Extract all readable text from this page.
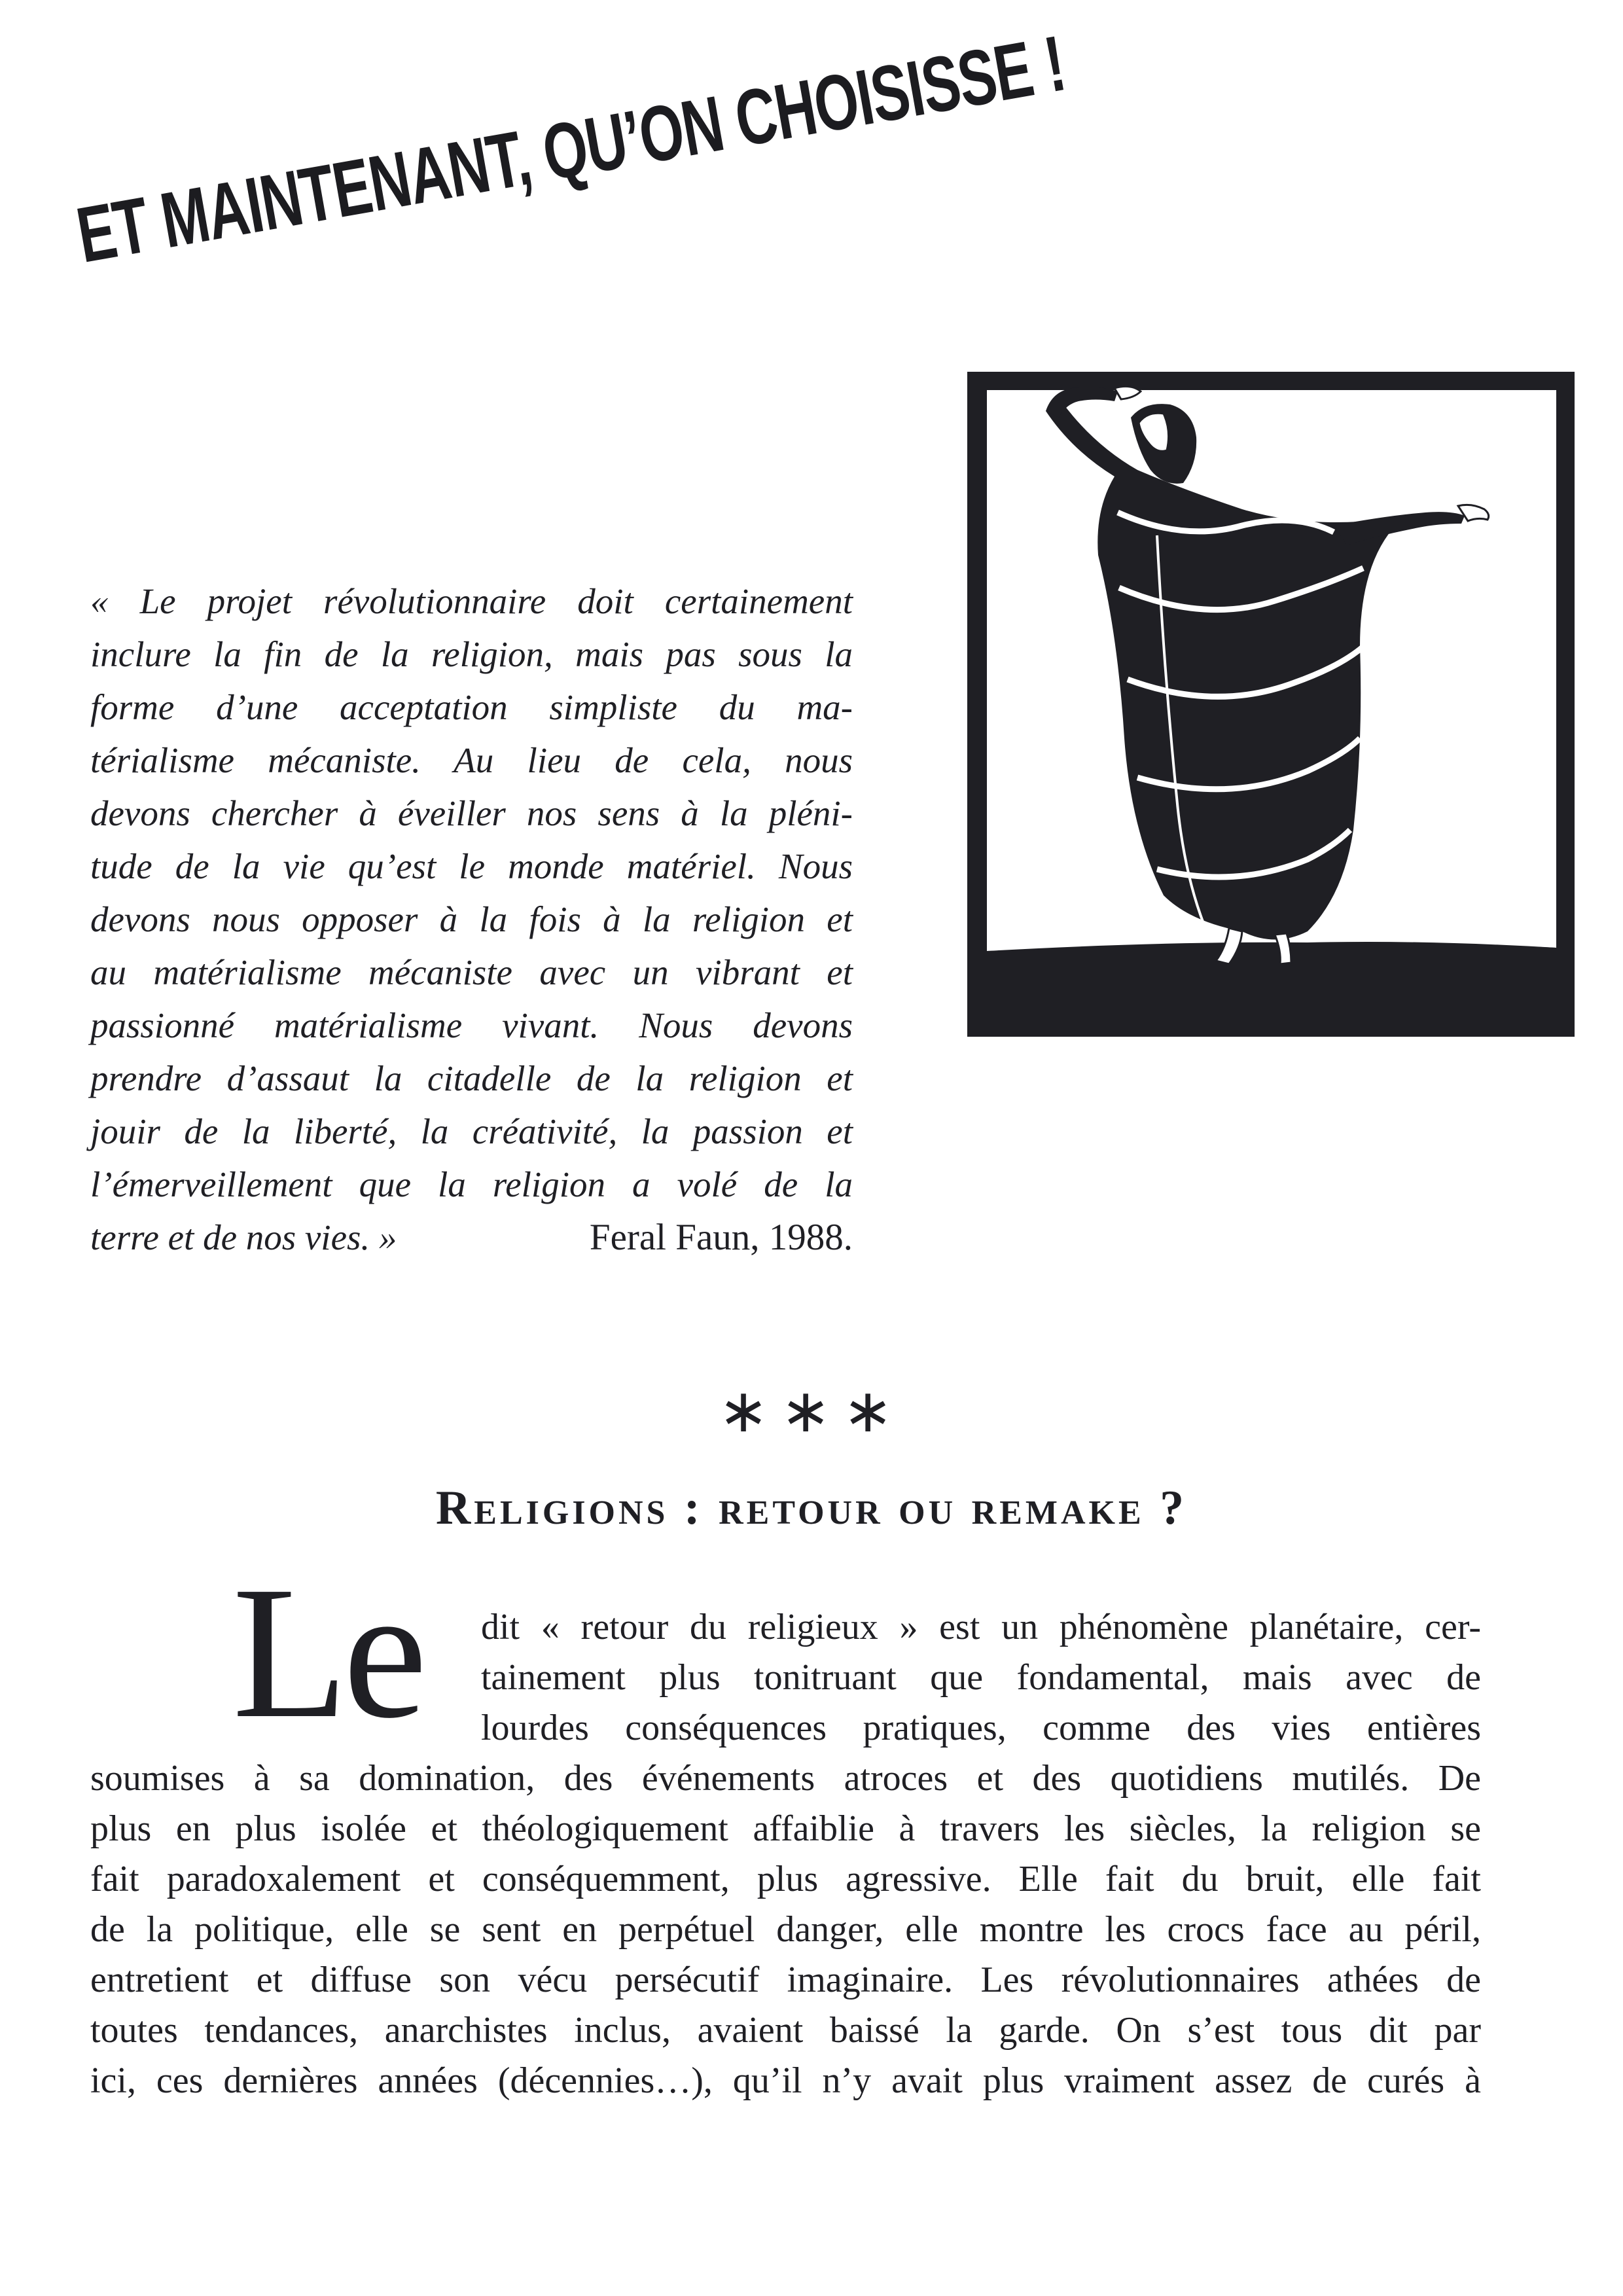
ET MAINTENANT, QU’ON CHOISISSE !
« Le projet révolutionnaire doit certainement
inclure la fin de la religion, mais pas sous la
forme d’une acceptation simpliste du ma-
térialisme mécaniste. Au lieu de cela, nous
devons chercher à éveiller nos sens à la pléni-
tude de la vie qu’est le monde matériel. Nous
devons nous opposer à la fois à la religion et
au matérialisme mécaniste avec un vibrant et
passionné matérialisme vivant. Nous devons
prendre d’assaut la citadelle de la religion et
jouir de la liberté, la créativité, la passion et
l’émerveillement que la religion a volé de la
terre et de nos vies. »	Feral Faun, 1988.
∗∗∗
Religions : retour ou remake ?
Le dit « retour du religieux » est un phénomène planétaire, cer-
tainement plus tonitruant que fondamental, mais avec de
lourdes conséquences pratiques, comme des vies entières
soumises à sa domination, des événements atroces et des quotidiens mutilés. De
plus en plus isolée et théologiquement affaiblie à travers les siècles, la religion se
fait paradoxalement et conséquemment, plus agressive. Elle fait du bruit, elle fait
de la politique, elle se sent en perpétuel danger, elle montre les crocs face au péril,
entretient et diffuse son vécu persécutif imaginaire. Les révolutionnaires athées de
toutes tendances, anarchistes inclus, avaient baissé la garde. On s’est tous dit par
ici, ces dernières années (décennies…), qu’il n’y avait plus vraiment assez de curés à
